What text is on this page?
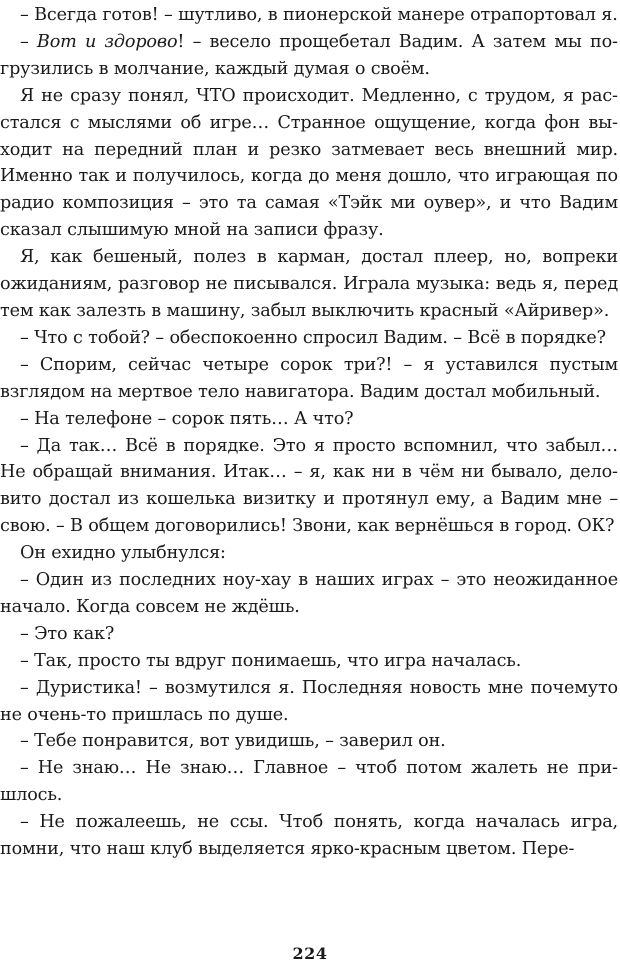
– Всегда готов! – шутливо, в пионерской манере отрапортовал я.

– Вот и здорово! – весело прощебетал Вадим. А затем мы погрузились в молчание, каждый думая о своём.

Я не сразу понял, ЧТО происходит. Медленно, с трудом, я расстался с мыслями об игре… Странное ощущение, когда фон выходит на передний план и резко затмевает весь внешний мир. Именно так и получилось, когда до меня дошло, что играющая по радио композиция – это та самая «Тэйк ми оувер», и что Вадим сказал слышимую мной на записи фразу.

Я, как бешеный, полез в карман, достал плеер, но, вопреки ожиданиям, разговор не писывался. Играла музыка: ведь я, перед тем как залезть в машину, забыл выключить красный «Айривер».

– Что с тобой? – обеспокоенно спросил Вадим. – Всё в порядке?

– Спорим, сейчас четыре сорок три?! – я уставился пустым взглядом на мертвое тело навигатора. Вадим достал мобильный.

– На телефоне – сорок пять… А что?

– Да так… Всё в порядке. Это я просто вспомнил, что забыл… Не обращай внимания. Итак… – я, как ни в чём ни бывало, деловито достал из кошелька визитку и протянул ему, а Вадим мне – свою. – В общем договорились! Звони, как вернёшься в город. ОК?

Он ехидно улыбнулся:

– Один из последних ноу-хау в наших играх – это неожиданное начало. Когда совсем не ждёшь.

– Это как?

– Так, просто ты вдруг понимаешь, что игра началась.

– Дуристика! – возмутился я. Последняя новость мне почемуто не очень-то пришлась по душе.

– Тебе понравится, вот увидишь, – заверил он.

– Не знаю… Не знаю… Главное – чтоб потом жалеть не пришлось.

– Не пожалеешь, не ссы. Чтоб понять, когда началась игра, помни, что наш клуб выделяется ярко-красным цветом. Пере-

224
